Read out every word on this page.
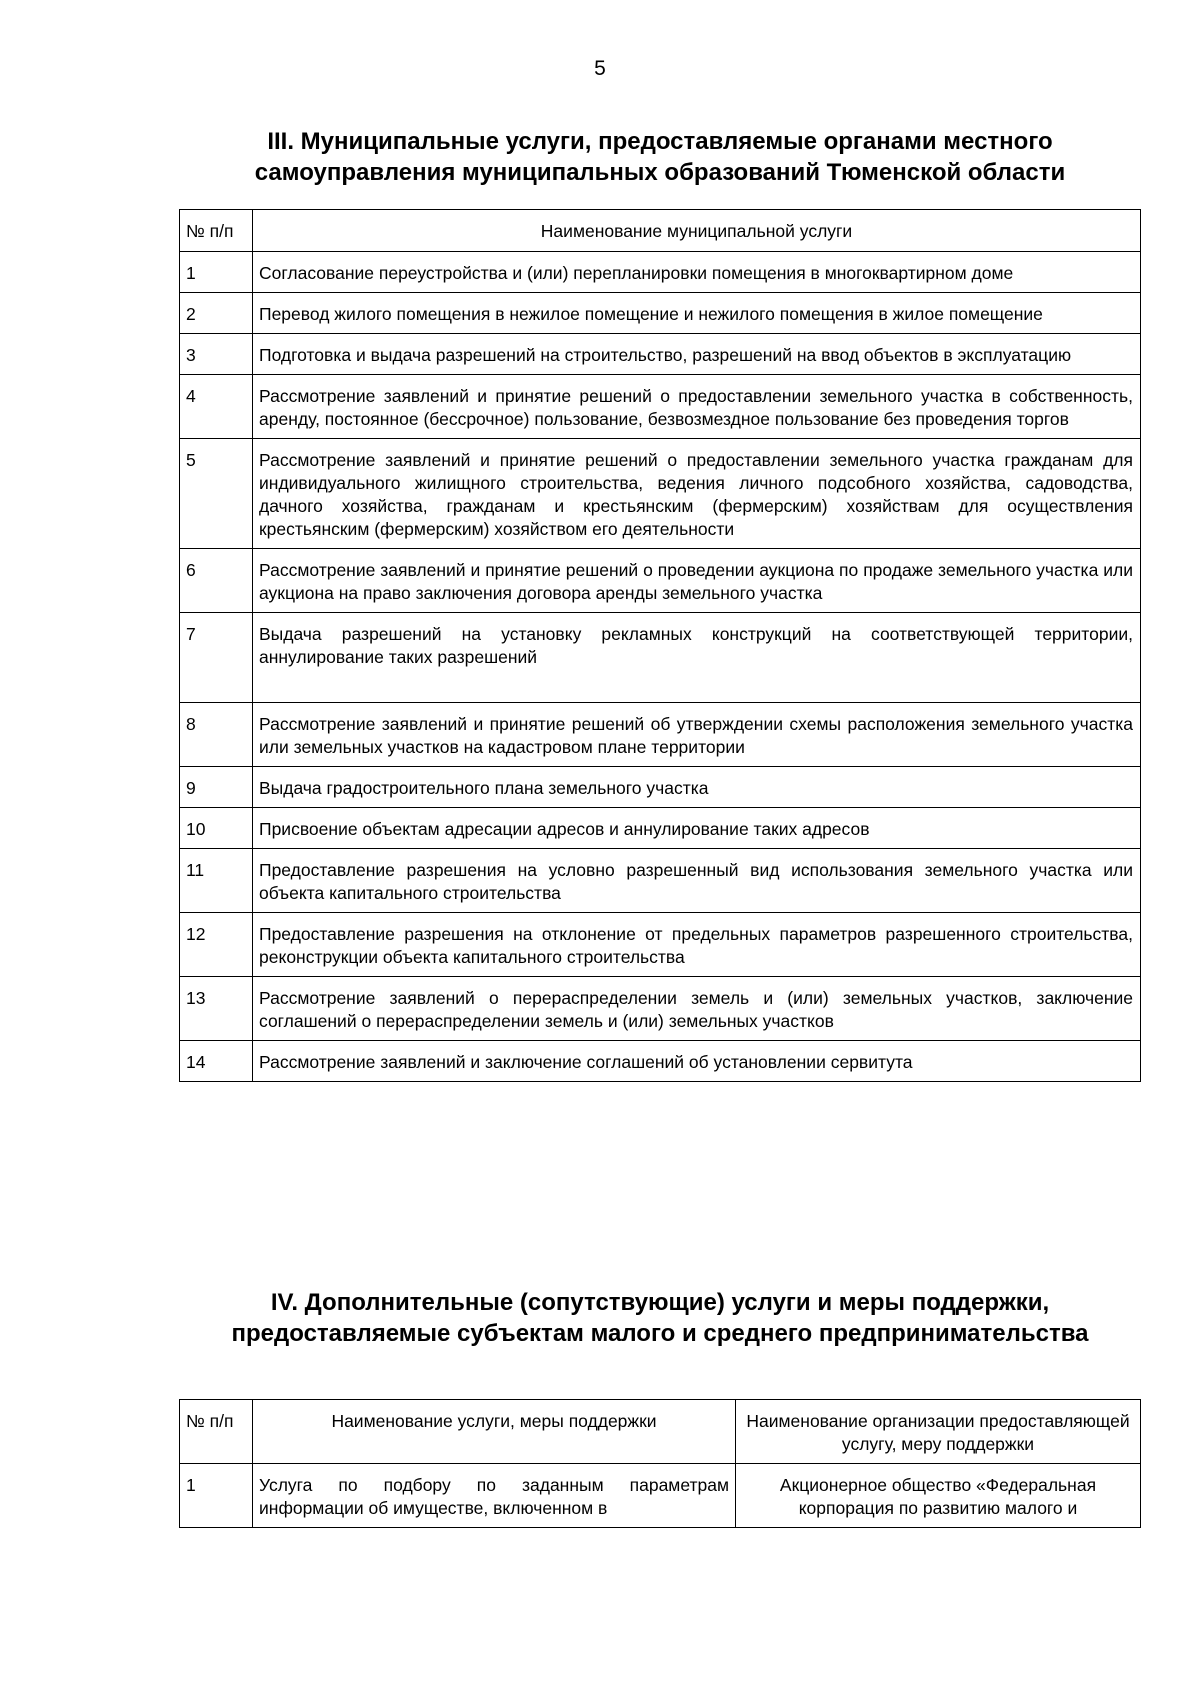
5
III. Муниципальные услуги, предоставляемые органами местного самоуправления муниципальных образований Тюменской области
№ п/п	Наименование муниципальной услуги
1	Согласование переустройства и (или) перепланировки помещения в многоквартирном доме
2	Перевод жилого помещения в нежилое помещение и нежилого помещения в жилое помещение
3	Подготовка и выдача разрешений на строительство, разрешений на ввод объектов в эксплуатацию
4	Рассмотрение заявлений и принятие решений о предоставлении земельного участка в собственность, аренду, постоянное (бессрочное) пользование, безвозмездное пользование без проведения торгов
5	Рассмотрение заявлений и принятие решений о предоставлении земельного участка гражданам для индивидуального жилищного строительства, ведения личного подсобного хозяйства, садоводства, дачного хозяйства, гражданам и крестьянским (фермерским) хозяйствам для осуществления крестьянским (фермерским) хозяйством его деятельности
6	Рассмотрение заявлений и принятие решений о проведении аукциона по продаже земельного участка или аукциона на право заключения договора аренды земельного участка
7	Выдача разрешений на установку рекламных конструкций на соответствующей территории, аннулирование таких разрешений
8	Рассмотрение заявлений и принятие решений об утверждении схемы расположения земельного участка или земельных участков на кадастровом плане территории
9	Выдача градостроительного плана земельного участка
10	Присвоение объектам адресации адресов и аннулирование таких адресов
11	Предоставление разрешения на условно разрешенный вид использования земельного участка или объекта капитального строительства
12	Предоставление разрешения на отклонение от предельных параметров разрешенного строительства, реконструкции объекта капитального строительства
13	Рассмотрение заявлений о перераспределении земель и (или) земельных участков, заключение соглашений о перераспределении земель и (или) земельных участков
14	Рассмотрение заявлений и заключение соглашений об установлении сервитута
IV. Дополнительные (сопутствующие) услуги и меры поддержки, предоставляемые субъектам малого и среднего предпринимательства
№ п/п	Наименование услуги, меры поддержки	Наименование организации предоставляющей услугу, меру поддержки
1	Услуга по подбору по заданным параметрам информации об имуществе, включенном в	Акционерное общество «Федеральная корпорация по развитию малого и
